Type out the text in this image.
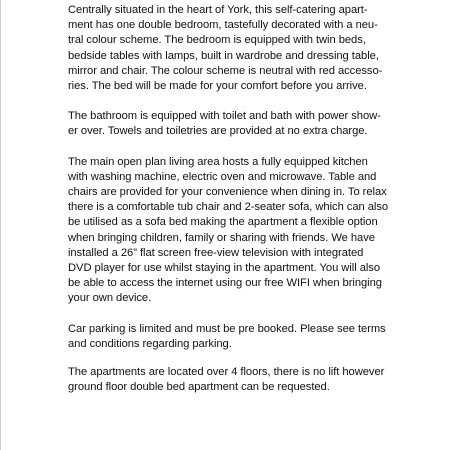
Centrally situated in the heart of York, this self-catering apart-
ment has one double bedroom, tastefully decorated with a neu-
tral colour scheme. The bedroom is equipped with twin beds,
bedside tables with lamps, built in wardrobe and dressing table,
mirror and chair. The colour scheme is neutral with red accesso-
ries. The bed will be made for your comfort before you arrive.
The bathroom is equipped with toilet and bath with power show-
er over. Towels and toiletries are provided at no extra charge.
The main open plan living area hosts a fully equipped kitchen
with washing machine, electric oven and microwave. Table and
chairs are provided for your convenience when dining in. To relax
there is a comfortable tub chair and 2-seater sofa, which can also
be utilised as a sofa bed making the apartment a flexible option
when bringing children, family or sharing with friends. We have
installed a 26” flat screen free-view television with integrated
DVD player for use whilst staying in the apartment. You will also
be able to access the internet using our free WIFI when bringing
your own device.
Car parking is limited and must be pre booked. Please see terms
and conditions regarding parking.
The apartments are located over 4 floors, there is no lift however
ground floor double bed apartment can be requested.
